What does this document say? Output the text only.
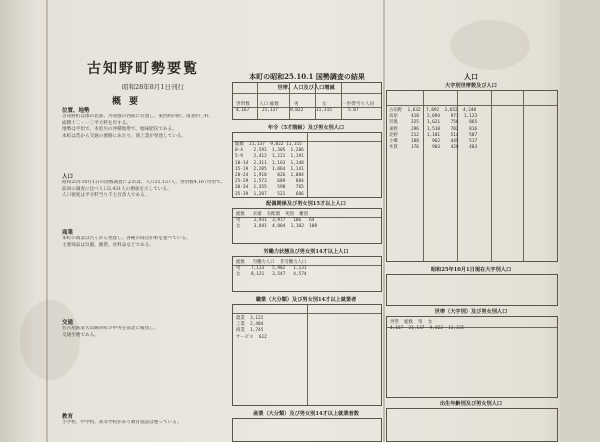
古知野町勢要覧
昭和28年8月1日刊行
概要
位置、地勢
古知野町は郡の北部、丹羽郡の西部に位置し、東西約四粁、南北約三粁、
面積十二・一三平方粁を有する。
地勢は平坦で、木曽川の沖積地帯で、地味肥沃である。
本町は昔から交通の要路にあたり、商工業が発達している。
人口
昭和25年10月1日の国勢調査によれば、人口21,137人、世帯数4,167世帯で、
前回の調査に比べ人口2,431人の増加を示している。
人口密度は平方粁当り千七百余人である。
商業
本町の商業は古くから発達し、各種の商店が軒を並べている。
主要商品は呉服、雑貨、食料品などである。
交通
名古屋鉄道犬山線が町の中央を南北に縦貫し、
交通至便である。
教育
小学校、中学校、高等学校があり教育施設は整っている。
本町の昭和25.10.1 国勢調査の結果
世帯、人口及び人口増減
世帯数 人口 総数	男	女	一世帯当り人員
4,167	21,137	9,822	11,315	5.07
年令（5才階級）及び男女別人口
総数  21,137  9,822 11,315
0-4    2,591  1,305  1,286
5-9    2,412  1,221  1,191
10-14  2,311  1,163  1,148
15-19  2,205  1,064  1,141
20-24  1,910    826  1,084
25-29  1,573    689    884
30-34  1,355    590    765
35-39  1,207    521    686
配偶関係及び男女別15才以上人口
総数   未婚  有配偶  死別  離別
男     2,931  3,977   186   64
女     3,041  4,004  1,102  108
労働力状態及び男女別14才以上人口
総数   労働力人口  非労働力人口
男    7,113   5,982   1,131
女    8,121   3,547   4,574
職業（大分類）及び男女別14才以上就業者
農業  3,122
工業  2,484
商業  1,745
サービス  612
産業（大分類）及び男女別14才以上就業者数
人口
大字別世帯数及び人口
古知野  1,632  7,892  3,652  4,240
高屋     418   2,094    971  1,123
宮後     325   1,621    756    865
東野     296   1,518    702    816
北野     212   1,101    514    587
小郷     188     962    445    517
木賀     176     903    420    483
昭和25年10月1日現在大字別人口
世帯（大字別）及び男女別人口
世帯  総数  男  女
4,167  21,137  9,822  11,315
出生年齢別及び男女別人口
